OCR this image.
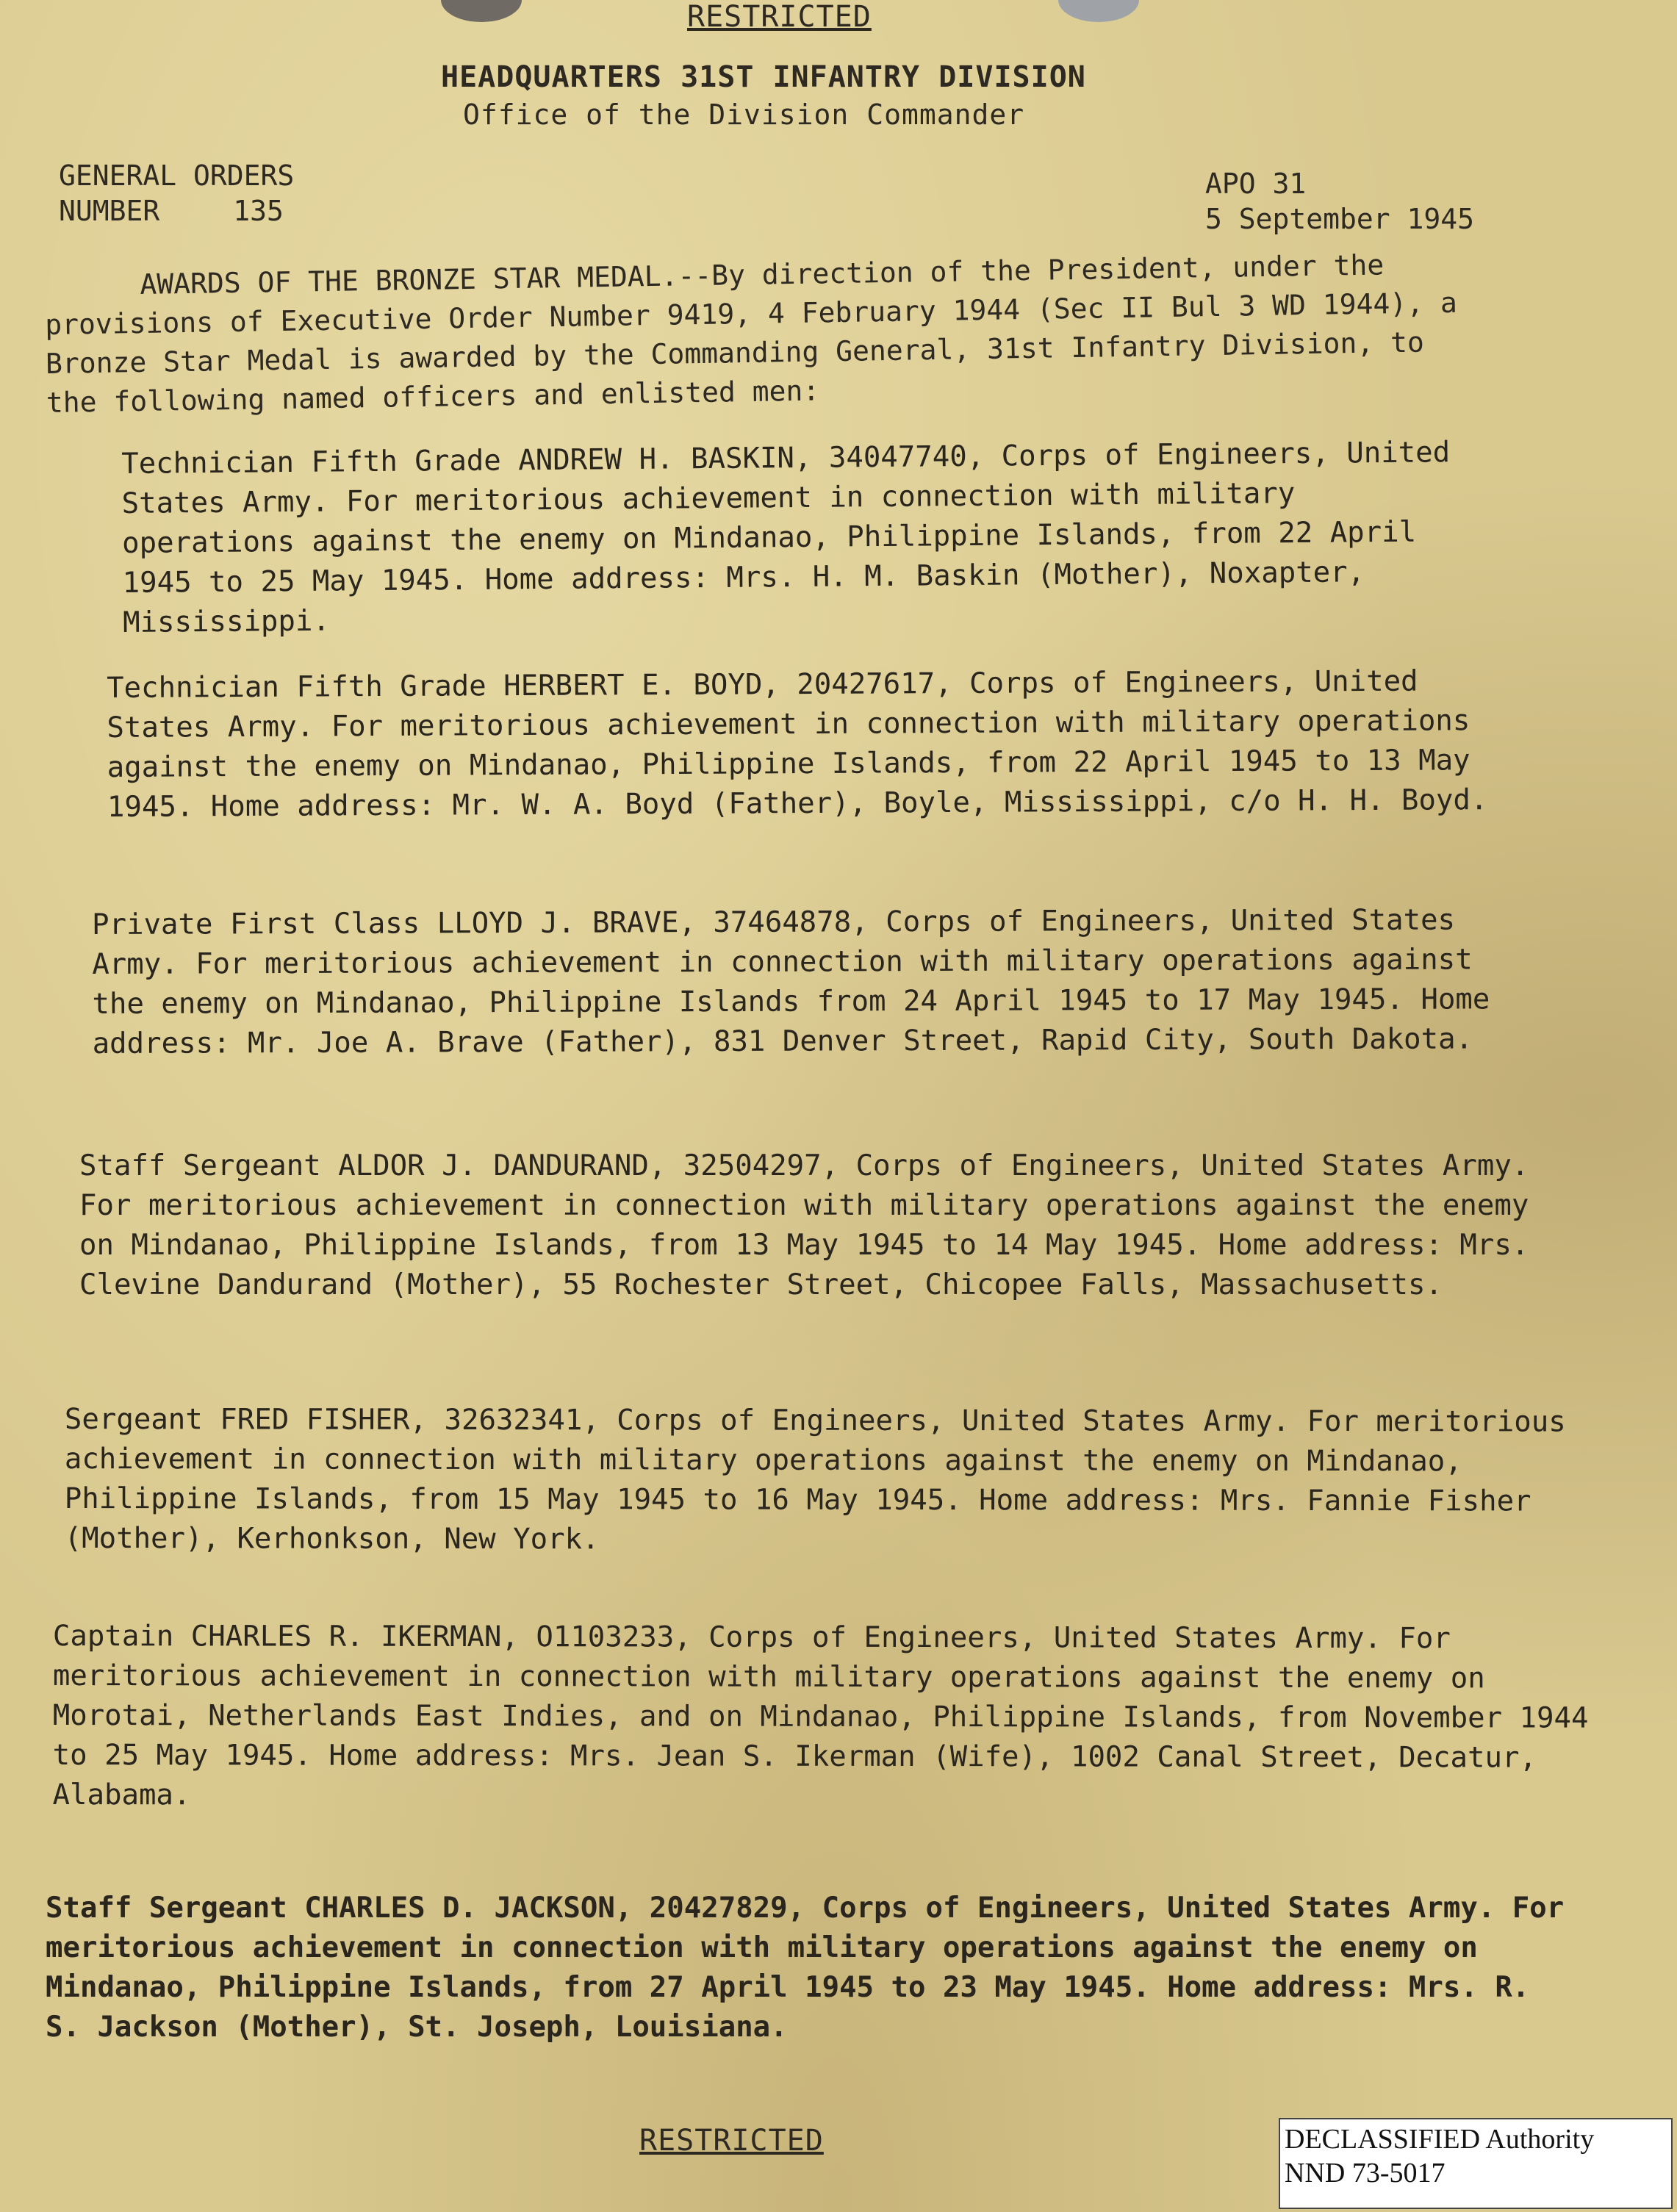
RESTRICTED
HEADQUARTERS 31ST INFANTRY DIVISION
Office of the Division Commander
GENERAL ORDERS
NUMBER	135
APO 31
5 September 1945

AWARDS OF THE BRONZE STAR MEDAL.--By direction of the President, under the provisions of Executive Order Number 9419, 4 February 1944 (Sec II Bul 3 WD 1944), a Bronze Star Medal is awarded by the Commanding General, 31st Infantry Division, to the following named officers and enlisted men:

Technician Fifth Grade ANDREW H. BASKIN, 34047740, Corps of Engineers, United States Army. For meritorious achievement in connection with military operations against the enemy on Mindanao, Philippine Islands, from 22 April 1945 to 25 May 1945. Home address: Mrs. H. M. Baskin (Mother), Noxapter, Mississippi.

Technician Fifth Grade HERBERT E. BOYD, 20427617, Corps of Engineers, United States Army. For meritorious achievement in connection with military operations against the enemy on Mindanao, Philippine Islands, from 22 April 1945 to 13 May 1945. Home address: Mr. W. A. Boyd (Father), Boyle, Mississippi, c/o H. H. Boyd.

Private First Class LLOYD J. BRAVE, 37464878, Corps of Engineers, United States Army. For meritorious achievement in connection with military operations against the enemy on Mindanao, Philippine Islands from 24 April 1945 to 17 May 1945. Home address: Mr. Joe A. Brave (Father), 831 Denver Street, Rapid City, South Dakota.

Staff Sergeant ALDOR J. DANDURAND, 32504297, Corps of Engineers, United States Army. For meritorious achievement in connection with military operations against the enemy on Mindanao, Philippine Islands, from 13 May 1945 to 14 May 1945. Home address: Mrs. Clevine Dandurand (Mother), 55 Rochester Street, Chicopee Falls, Massachusetts.

Sergeant FRED FISHER, 32632341, Corps of Engineers, United States Army. For meritorious achievement in connection with military operations against the enemy on Mindanao, Philippine Islands, from 15 May 1945 to 16 May 1945. Home address: Mrs. Fannie Fisher (Mother), Kerhonkson, New York.

Captain CHARLES R. IKERMAN, O1103233, Corps of Engineers, United States Army. For meritorious achievement in connection with military operations against the enemy on Morotai, Netherlands East Indies, and on Mindanao, Philippine Islands, from November 1944 to 25 May 1945. Home address: Mrs. Jean S. Ikerman (Wife), 1002 Canal Street, Decatur, Alabama.

Staff Sergeant CHARLES D. JACKSON, 20427829, Corps of Engineers, United States Army. For meritorious achievement in connection with military operations against the enemy on Mindanao, Philippine Islands, from 27 April 1945 to 23 May 1945. Home address: Mrs. R. S. Jackson (Mother), St. Joseph, Louisiana.

RESTRICTED	DECLASSIFIED Authority
NND 73-5017
